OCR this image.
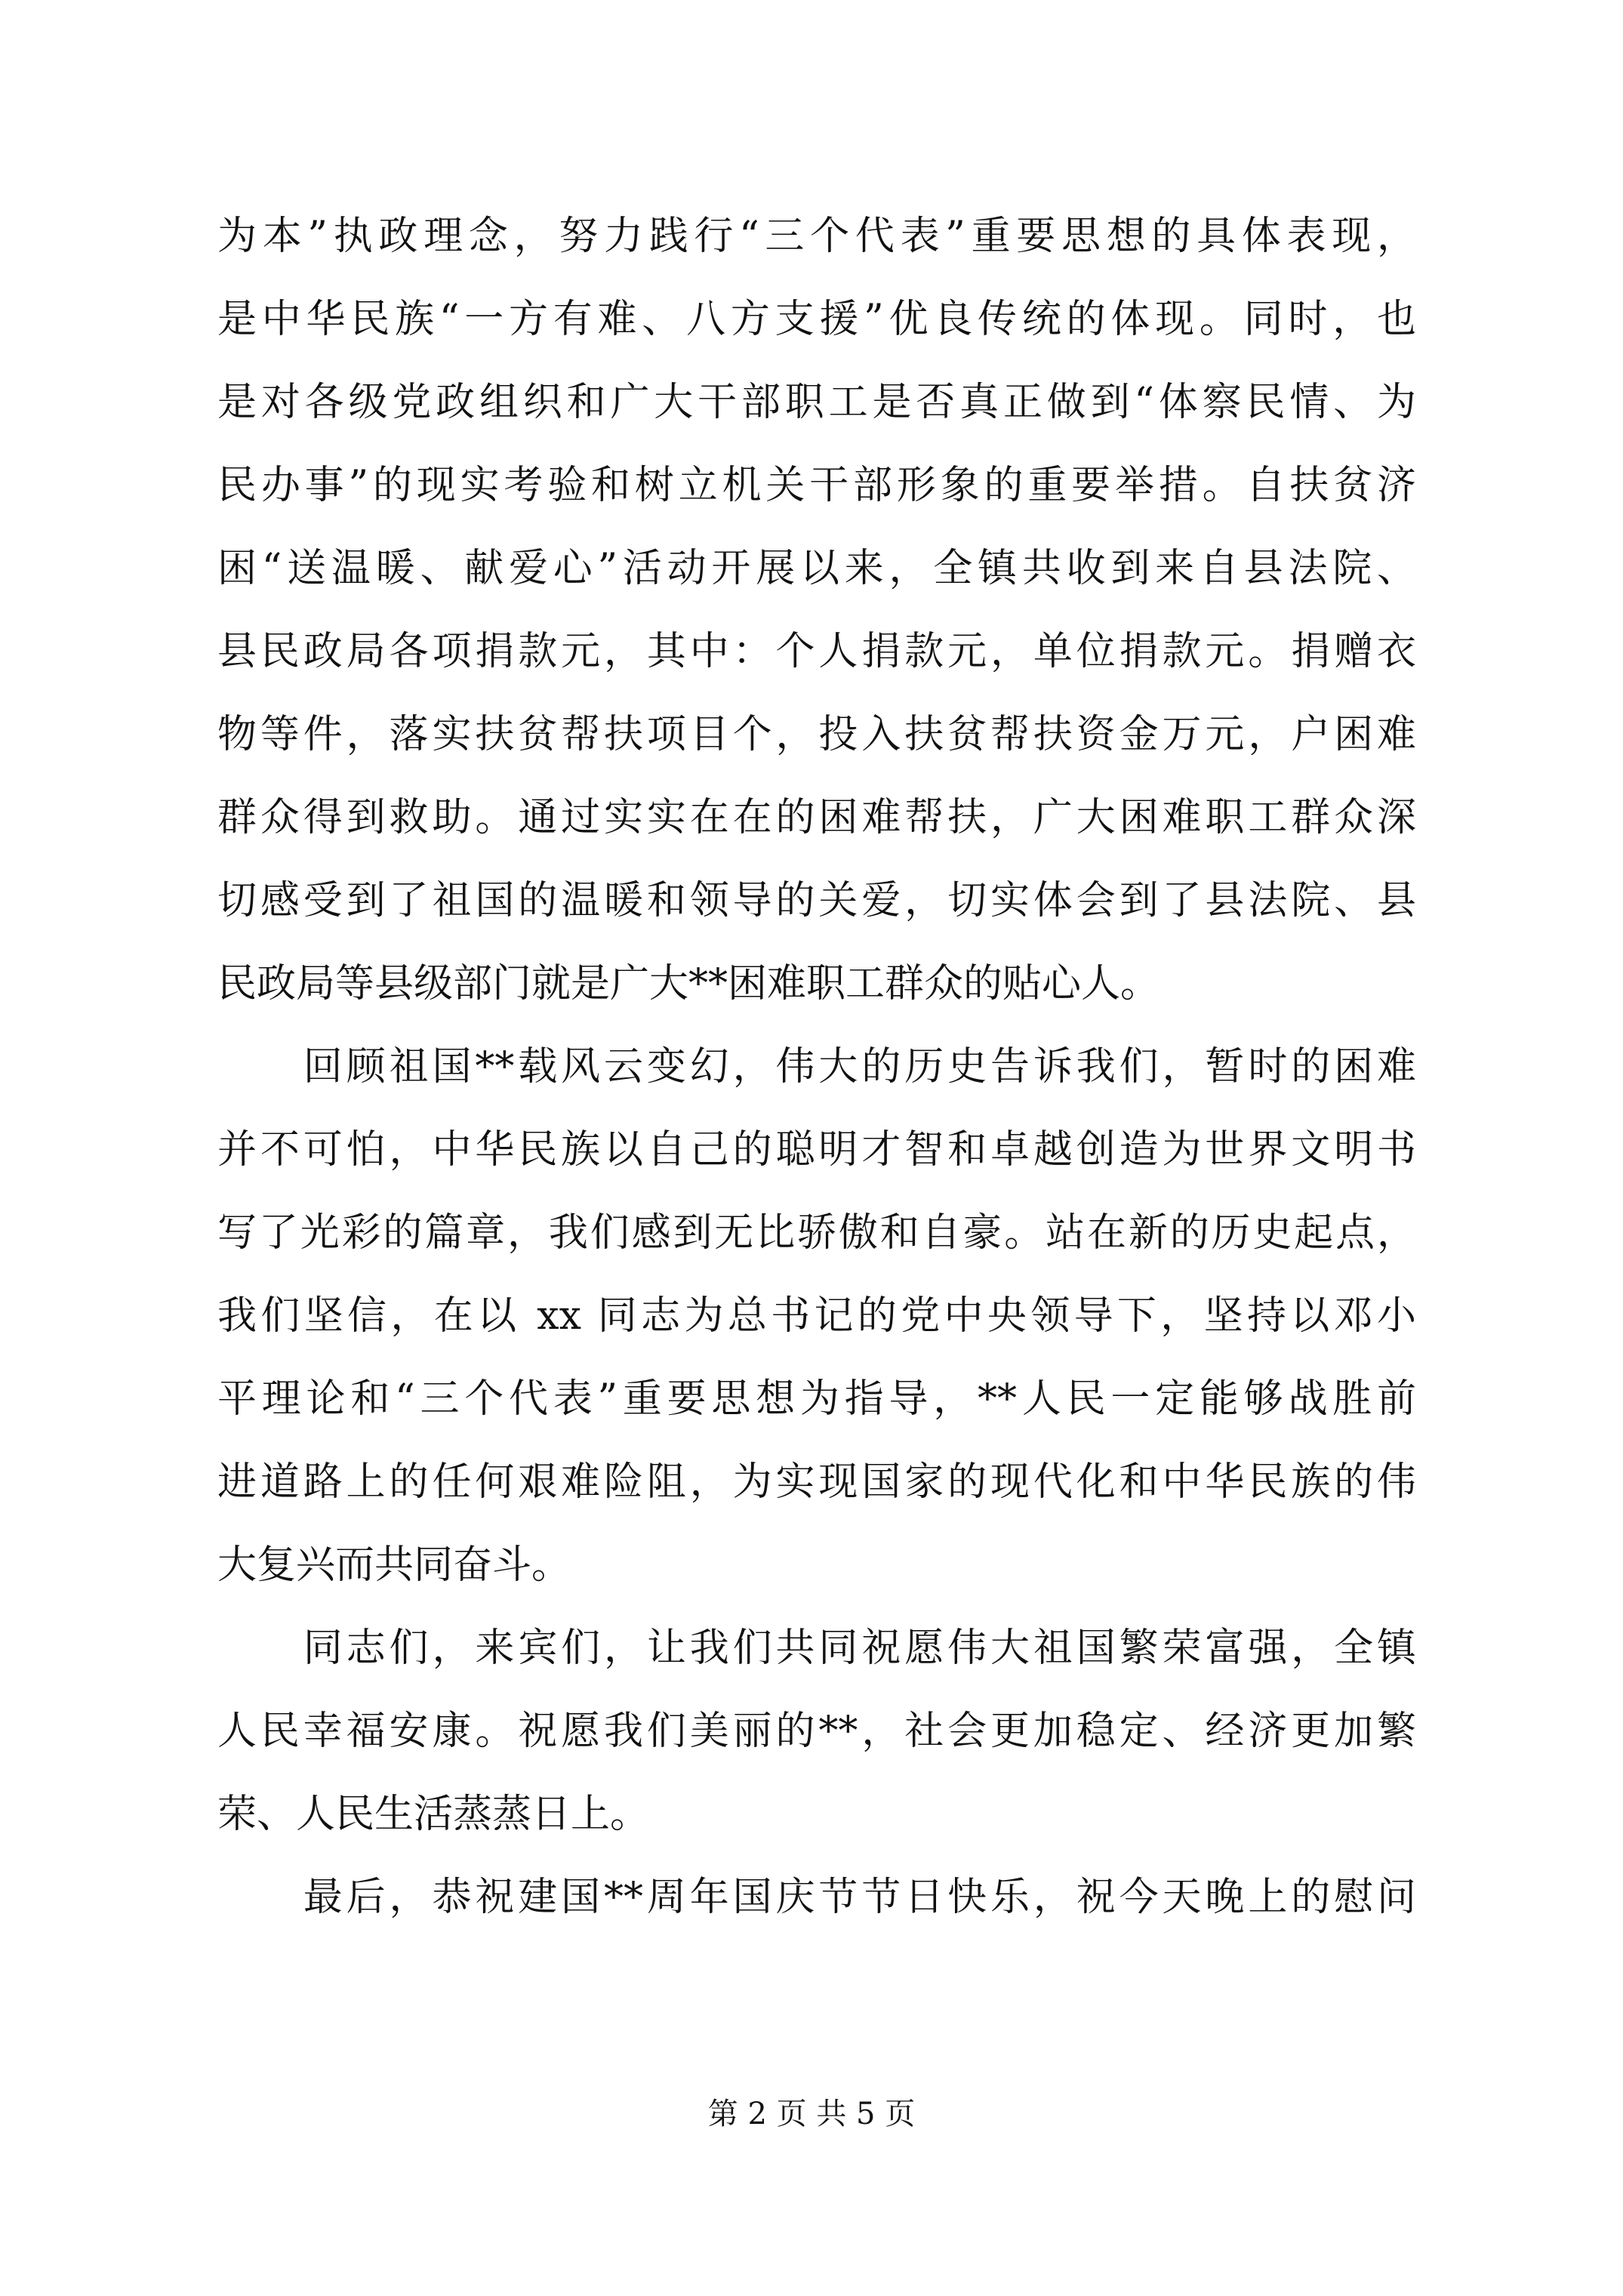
为本”执政理念，努力践行“三个代表”重要思想的具体表现，
是中华民族“一方有难、八方支援”优良传统的体现。同时，也
是对各级党政组织和广大干部职工是否真正做到“体察民情、为
民办事”的现实考验和树立机关干部形象的重要举措。自扶贫济
困“送温暖、献爱心”活动开展以来，全镇共收到来自县法院、
县民政局各项捐款元，其中：个人捐款元，单位捐款元。捐赠衣
物等件，落实扶贫帮扶项目个，投入扶贫帮扶资金万元，户困难
群众得到救助。通过实实在在的困难帮扶，广大困难职工群众深
切感受到了祖国的温暖和领导的关爱，切实体会到了县法院、县
民政局等县级部门就是广大**困难职工群众的贴心人。
　　回顾祖国**载风云变幻，伟大的历史告诉我们，暂时的困难
并不可怕，中华民族以自己的聪明才智和卓越创造为世界文明书
写了光彩的篇章，我们感到无比骄傲和自豪。站在新的历史起点，
我们坚信，在以 xx 同志为总书记的党中央领导下，坚持以邓小
平理论和“三个代表”重要思想为指导，**人民一定能够战胜前
进道路上的任何艰难险阻，为实现国家的现代化和中华民族的伟
大复兴而共同奋斗。
　　同志们，来宾们，让我们共同祝愿伟大祖国繁荣富强，全镇
人民幸福安康。祝愿我们美丽的**，社会更加稳定、经济更加繁
荣、人民生活蒸蒸日上。
　　最后，恭祝建国**周年国庆节节日快乐，祝今天晚上的慰问
第 2 页 共 5 页
